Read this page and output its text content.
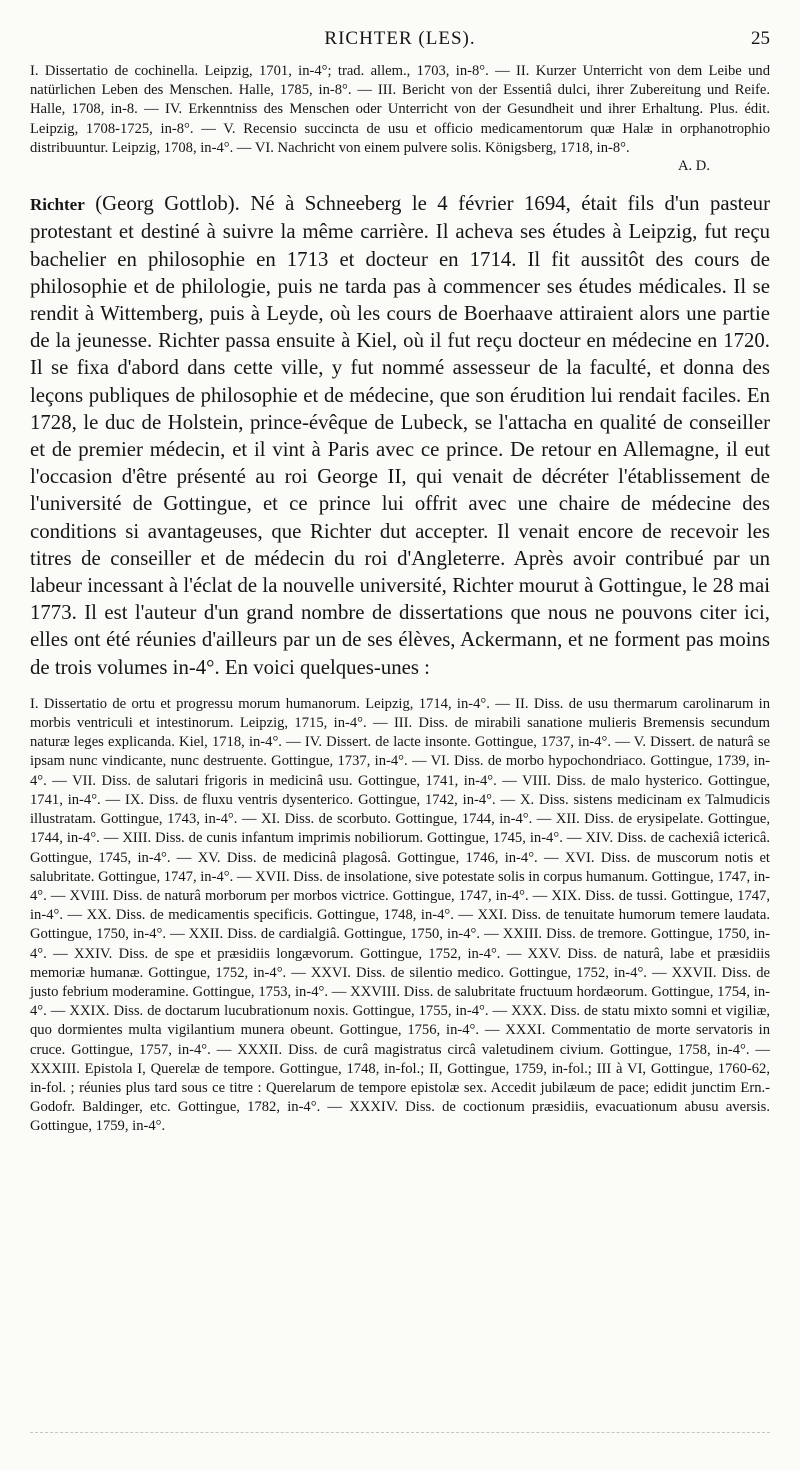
RICHTER (LES).	25

I. Dissertatio de cochinella. Leipzig, 1701, in-4°; trad. allem., 1703, in-8°. — II. Kurzer Unterricht von dem Leibe und natürlichen Leben des Menschen. Halle, 1785, in-8°. — III. Bericht von der Essentiâ dulci, ihrer Zubereitung und Reife. Halle, 1708, in-8. — IV. Erkenntniss des Menschen oder Unterricht von der Gesundheit und ihrer Erhaltung. Plus. édit. Leipzig, 1708-1725, in-8°. — V. Recensio succincta de usu et officio medicamentorum quæ Halæ in orphanotrophio distribuuntur. Leipzig, 1708, in-4°. — VI. Nachricht von einem pulvere solis. Königsberg, 1718, in-8°.

A. D.

Richter (Georg Gottlob). Né à Schneeberg le 4 février 1694, était fils d'un pasteur protestant et destiné à suivre la même carrière. Il acheva ses études à Leipzig, fut reçu bachelier en philosophie en 1713 et docteur en 1714. Il fit aussitôt des cours de philosophie et de philologie, puis ne tarda pas à commencer ses études médicales. Il se rendit à Wittemberg, puis à Leyde, où les cours de Boerhaave attiraient alors une partie de la jeunesse. Richter passa ensuite à Kiel, où il fut reçu docteur en médecine en 1720. Il se fixa d'abord dans cette ville, y fut nommé assesseur de la faculté, et donna des leçons publiques de philosophie et de médecine, que son érudition lui rendait faciles. En 1728, le duc de Holstein, prince-évêque de Lubeck, se l'attacha en qualité de conseiller et de premier médecin, et il vint à Paris avec ce prince. De retour en Allemagne, il eut l'occasion d'être présenté au roi George II, qui venait de décréter l'établissement de l'université de Gottingue, et ce prince lui offrit avec une chaire de médecine des conditions si avantageuses, que Richter dut accepter. Il venait encore de recevoir les titres de conseiller et de médecin du roi d'Angleterre. Après avoir contribué par un labeur incessant à l'éclat de la nouvelle université, Richter mourut à Gottingue, le 28 mai 1773. Il est l'auteur d'un grand nombre de dissertations que nous ne pouvons citer ici, elles ont été réunies d'ailleurs par un de ses élèves, Ackermann, et ne forment pas moins de trois volumes in-4°. En voici quelques-unes :

I. Dissertatio de ortu et progressu morum humanorum. Leipzig, 1714, in-4°. — II. Diss. de usu thermarum carolinarum in morbis ventriculi et intestinorum. Leipzig, 1715, in-4°. — III. Diss. de mirabili sanatione mulieris Bremensis secundum naturæ leges explicanda. Kiel, 1718, in-4°. — IV. Dissert. de lacte insonte. Gottingue, 1737, in-4°. — V. Dissert. de naturâ se ipsam nunc vindicante, nunc destruente. Gottingue, 1737, in-4°. — VI. Diss. de morbo hypochondriaco. Gottingue, 1739, in-4°. — VII. Diss. de salutari frigoris in medicinâ usu. Gottingue, 1741, in-4°. — VIII. Diss. de malo hysterico. Gottingue, 1741, in-4°. — IX. Diss. de fluxu ventris dysenterico. Gottingue, 1742, in-4°. — X. Diss. sistens medicinam ex Talmudicis illustratam. Gottingue, 1743, in-4°. — XI. Diss. de scorbuto. Gottingue, 1744, in-4°. — XII. Diss. de erysipelate. Gottingue, 1744, in-4°. — XIII. Diss. de cunis infantum imprimis nobiliorum. Gottingue, 1745, in-4°. — XIV. Diss. de cachexiâ ictericâ. Gottingue, 1745, in-4°. — XV. Diss. de medicinâ plagosâ. Gottingue, 1746, in-4°. — XVI. Diss. de muscorum notis et salubritate. Gottingue, 1747, in-4°. — XVII. Diss. de insolatione, sive potestate solis in corpus humanum. Gottingue, 1747, in-4°. — XVIII. Diss. de naturâ morborum per morbos victrice. Gottingue, 1747, in-4°. — XIX. Diss. de tussi. Gottingue, 1747, in-4°. — XX. Diss. de medicamentis specificis. Gottingue, 1748, in-4°. — XXI. Diss. de tenuitate humorum temere laudata. Gottingue, 1750, in-4°. — XXII. Diss. de cardialgiâ. Gottingue, 1750, in-4°. — XXIII. Diss. de tremore. Gottingue, 1750, in-4°. — XXIV. Diss. de spe et præsidiis longævorum. Gottingue, 1752, in-4°. — XXV. Diss. de naturâ, labe et præsidiis memoriæ humanæ. Gottingue, 1752, in-4°. — XXVI. Diss. de silentio medico. Gottingue, 1752, in-4°. — XXVII. Diss. de justo febrium moderamine. Gottingue, 1753, in-4°. — XXVIII. Diss. de salubritate fructuum hordæorum. Gottingue, 1754, in-4°. — XXIX. Diss. de doctarum lucubrationum noxis. Gottingue, 1755, in-4°. — XXX. Diss. de statu mixto somni et vigiliæ, quo dormientes multa vigilantium munera obeunt. Gottingue, 1756, in-4°. — XXXI. Commentatio de morte servatoris in cruce. Gottingue, 1757, in-4°. — XXXII. Diss. de curâ magistratus circâ valetudinem civium. Gottingue, 1758, in-4°. — XXXIII. Epistola I, Querelæ de tempore. Gottingue, 1748, in-fol.; II, Gottingue, 1759, in-fol.; III à VI, Gottingue, 1760-62, in-fol. ; réunies plus tard sous ce titre : Querelarum de tempore epistolæ sex. Accedit jubilæum de pace; edidit junctim Ern.-Godofr. Baldinger, etc. Gottingue, 1782, in-4°. — XXXIV. Diss. de coctionum præsidiis, evacuationum abusu aversis. Gottingue, 1759, in-4°.
